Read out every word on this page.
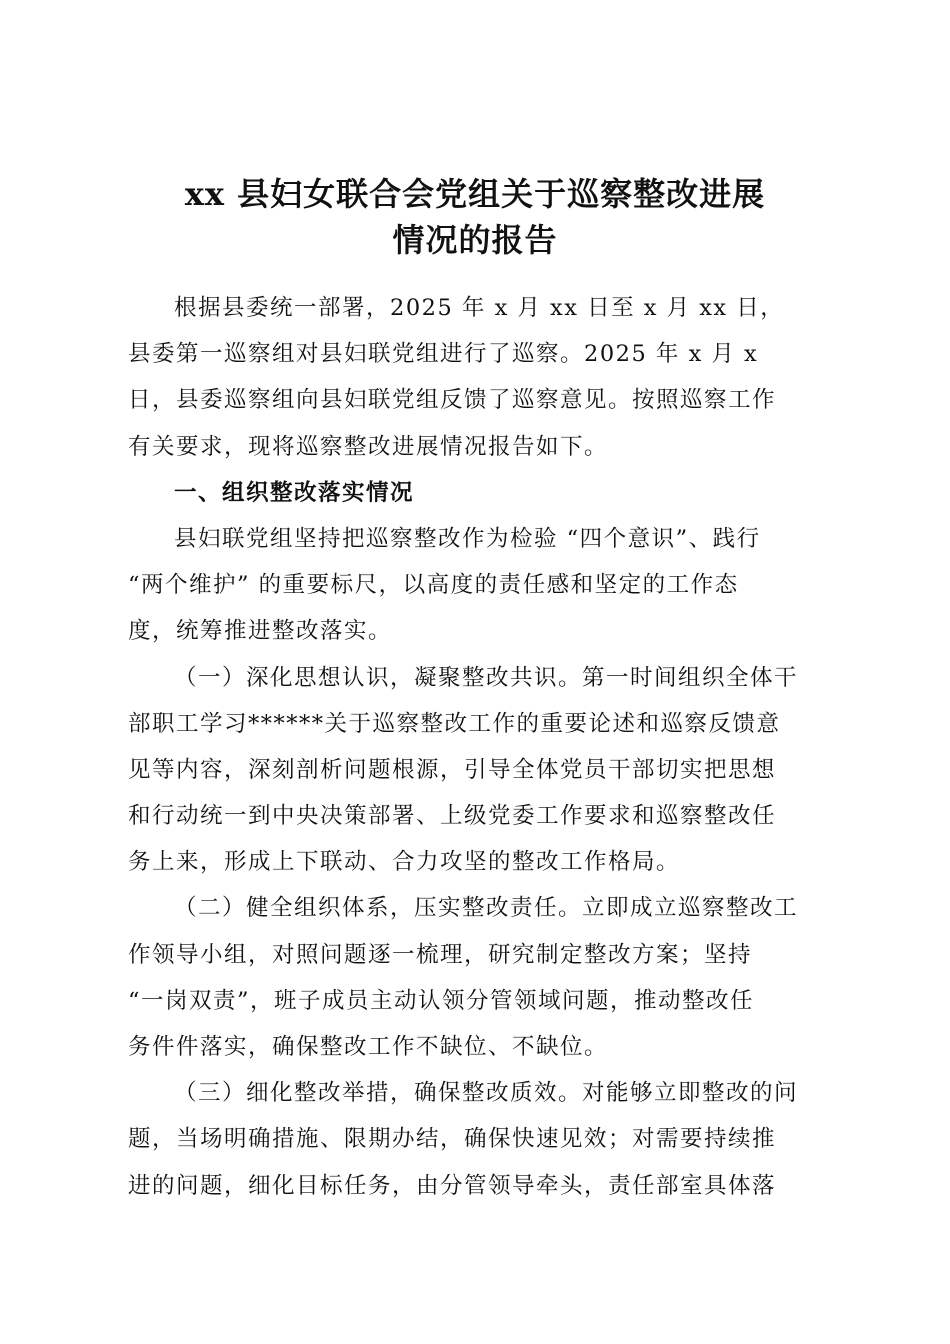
xx 县妇女联合会党组关于巡察整改进展
情况的报告
根据县委统一部署，2025 年 x 月 xx 日至 x 月 xx 日，
县委第一巡察组对县妇联党组进行了巡察。2025 年 x 月 x
日，县委巡察组向县妇联党组反馈了巡察意见。按照巡察工作
有关要求，现将巡察整改进展情况报告如下。
一、组织整改落实情况
县妇联党组坚持把巡察整改作为检验 “四个意识”、践行
“两个维护” 的重要标尺，以高度的责任感和坚定的工作态
度，统筹推进整改落实。
（一）深化思想认识，凝聚整改共识。第一时间组织全体干
部职工学习******关于巡察整改工作的重要论述和巡察反馈意
见等内容，深刻剖析问题根源，引导全体党员干部切实把思想
和行动统一到中央决策部署、上级党委工作要求和巡察整改任
务上来，形成上下联动、合力攻坚的整改工作格局。
（二）健全组织体系，压实整改责任。立即成立巡察整改工
作领导小组，对照问题逐一梳理，研究制定整改方案；坚持
“一岗双责”，班子成员主动认领分管领域问题，推动整改任
务件件落实，确保整改工作不缺位、不缺位。
（三）细化整改举措，确保整改质效。对能够立即整改的问
题，当场明确措施、限期办结，确保快速见效；对需要持续推
进的问题，细化目标任务，由分管领导牵头，责任部室具体落
